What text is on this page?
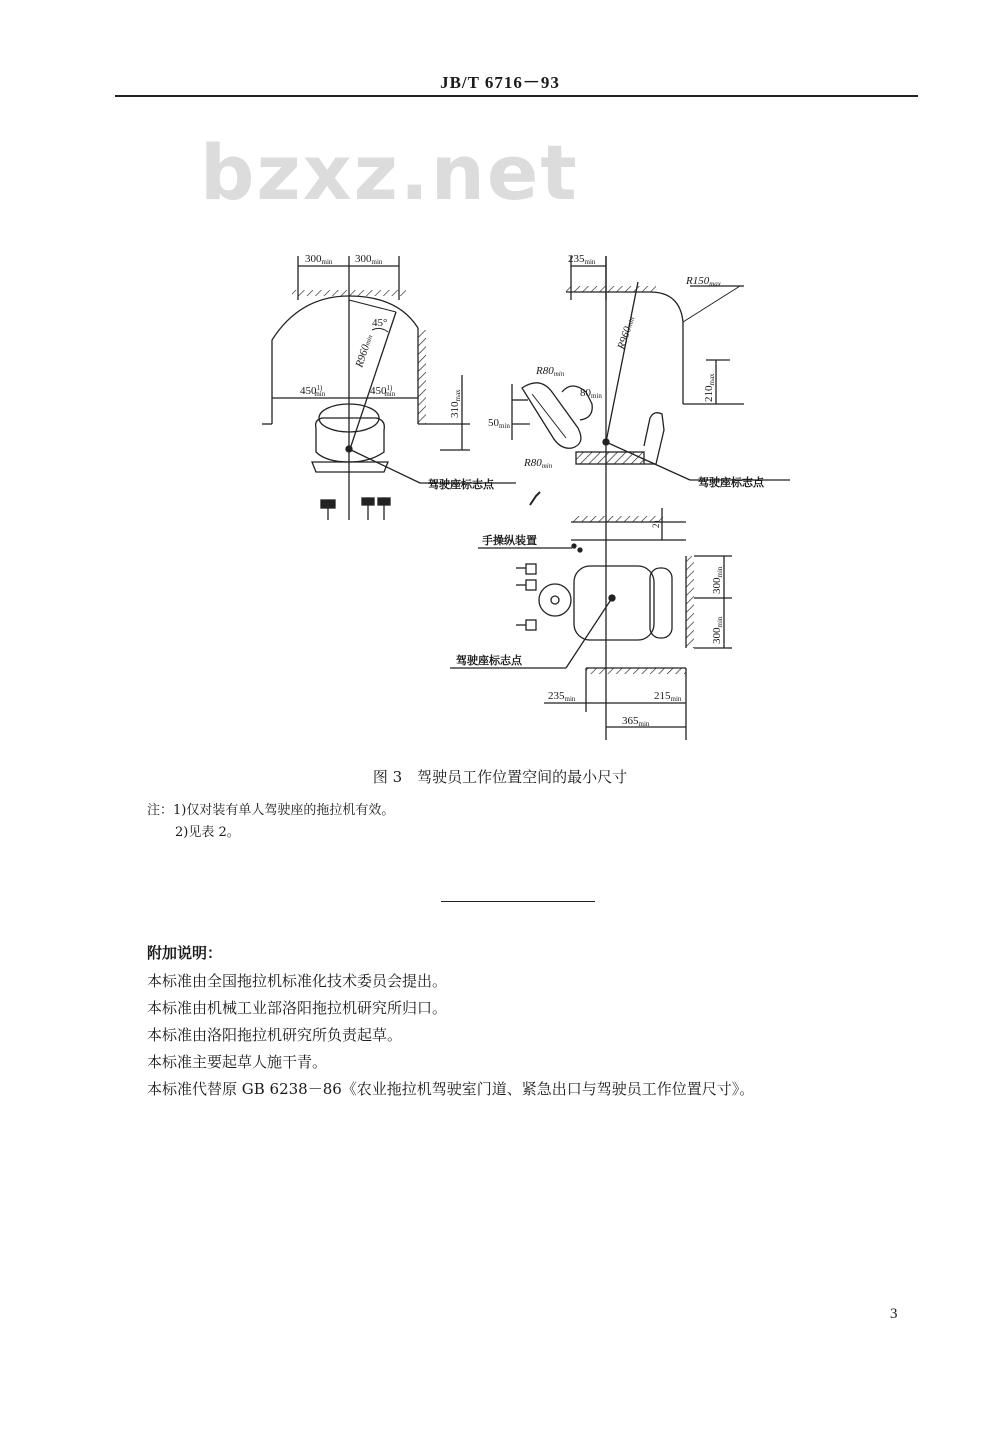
JB/T 6716－93
bzxz.net
300min 300min
R960min
45°
450$^{1)}$ min	450$^{1)}$ min
310max
驾驶座标志点
235min
R150max
R960min
210max
R80min
80min
50min
R80min
驾驶座标志点
2)
手操纵装置
300min
300min
驾驶座标志点
235min	215min
365min
图 3　驾驶员工作位置空间的最小尺寸
注：1)仅对装有单人驾驶座的拖拉机有效。
2)见表 2。
附加说明：
本标准由全国拖拉机标准化技术委员会提出。
本标准由机械工业部洛阳拖拉机研究所归口。
本标准由洛阳拖拉机研究所负责起草。
本标准主要起草人施干青。
本标准代替原 GB 6238－86《农业拖拉机驾驶室门道、紧急出口与驾驶员工作位置尺寸》。
3
